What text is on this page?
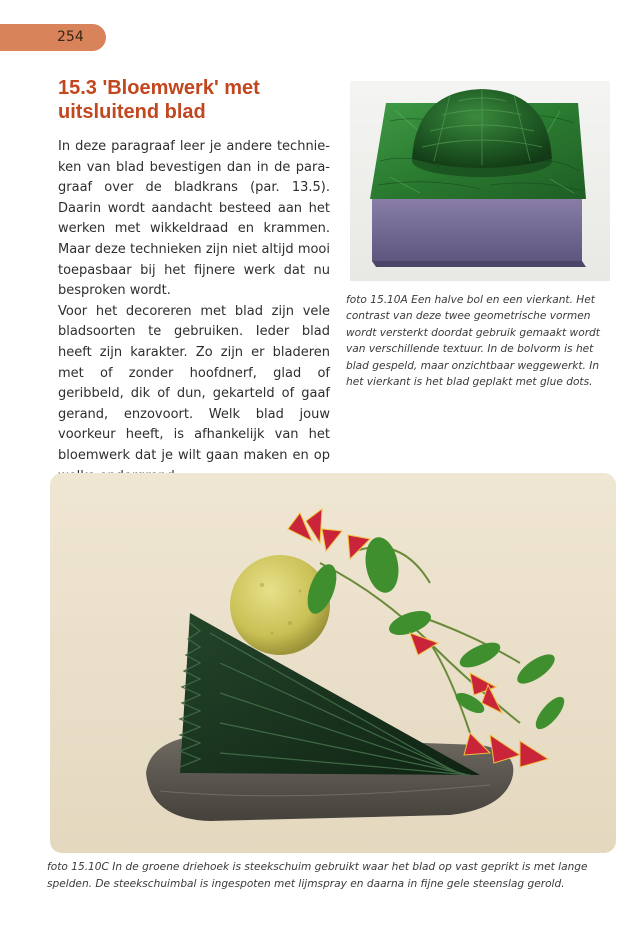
254
15.3 'Bloemwerk' met uitsluitend blad

In deze paragraaf leer je andere technieken van blad bevestigen dan in de paragraaf over de bladkrans (par. 13.5). Daarin wordt aandacht besteed aan het werken met wikkeldraad en krammen. Maar deze technieken zijn niet altijd mooi toepasbaar bij het fijnere werk dat nu besproken wordt.

Voor het decoreren met blad zijn vele bladsoorten te gebruiken. Ieder blad heeft zijn karakter. Zo zijn er bladeren met of zonder hoofdnerf, glad of geribbeld, dik of dun, gekarteld of gaaf gerand, enzovoort. Welk blad jouw voorkeur heeft, is afhankelijk van het bloemwerk dat je wilt gaan maken en op

foto 15.10A Een halve bol en een vierkant. Het contrast van deze twee geometrische vormen wordt versterkt doordat gebruik gemaakt wordt van verschillende textuur. In de bolvorm is het blad gespeld, maar onzichtbaar weggewerkt. In het vierkant is het blad geplakt met glue dots.

foto 15.10C In de groene driehoek is steekschuim gebruikt waar het blad op vast geprikt is met lange spelden. De steekschuimbal is ingespoten met lijmspray en daarna in fijne gele steenslag gerold.
